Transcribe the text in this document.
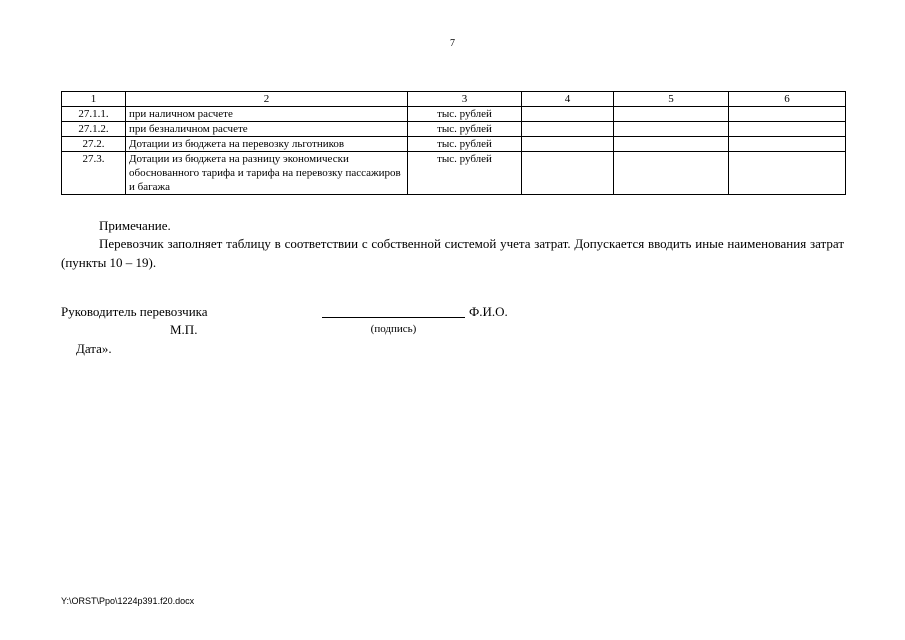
7
1	2	3	4	5	6
27.1.1.	при наличном расчете	тыс. рублей			
27.1.2.	при безналичном расчете	тыс. рублей			
27.2.	Дотации из бюджета на перевозку льготников	тыс. рублей			
27.3.	Дотации из бюджета на разницу экономически обоснованного тарифа и тарифа на перевозку пассажиров и багажа	тыс. рублей			
Примечание.
Перевозчик заполняет таблицу в соответствии с собственной системой учета затрат. Допускается вводить иные наименования затрат (пункты 10 – 19).
Руководитель перевозчика	Ф.И.О.
М.П.	(подпись)
Дата».
Y:\ORST\Ppo\1224p391.f20.docx
